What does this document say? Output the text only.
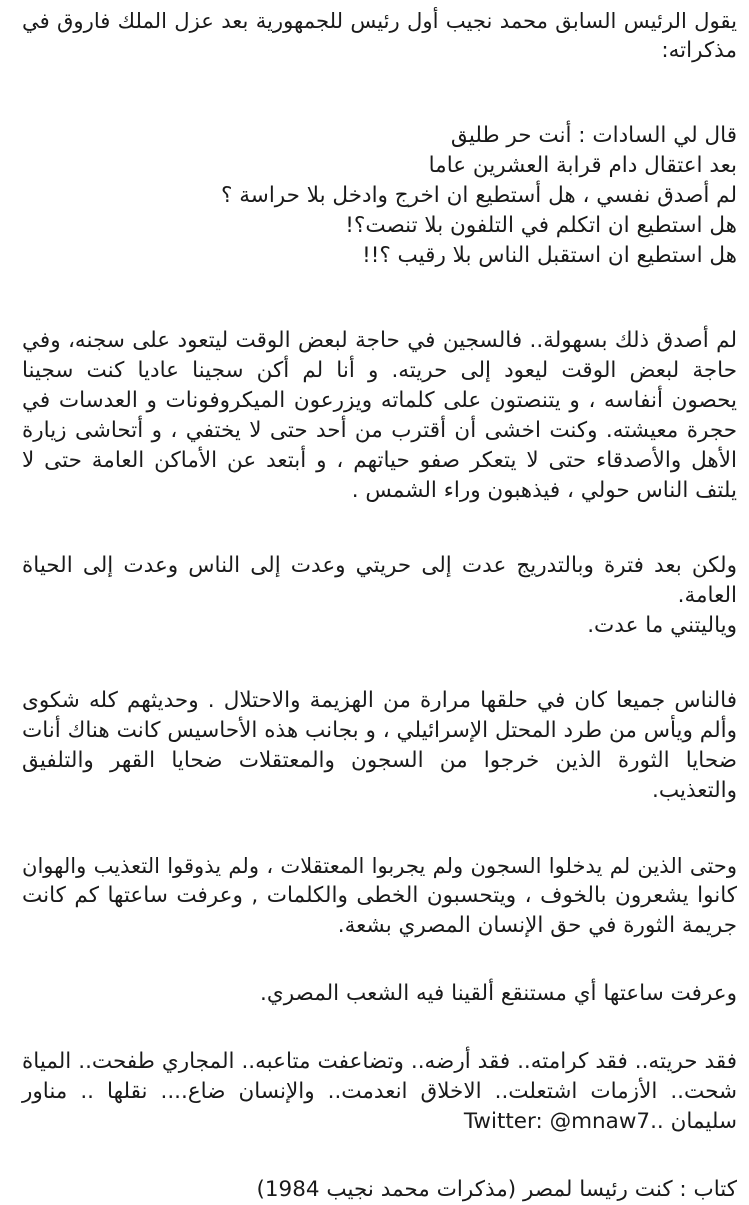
يقول الرئيس السابق محمد نجيب أول رئيس للجمهورية بعد عزل الملك فاروق في
مذكراته:
قال لي السادات : أنت حر طليق
بعد اعتقال دام قرابة العشرين عاما
لم أصدق نفسي ، هل أستطيع ان اخرج وادخل بلا حراسة ؟
هل استطيع ان اتكلم في التلفون بلا تنصت؟!
هل استطيع ان استقبل الناس بلا رقيب ؟!!
لم أصدق ذلك بسهولة.. فالسجين في حاجة لبعض الوقت ليتعود على سجنه، وفي
حاجة لبعض الوقت ليعود إلى حريته. و أنا لم أكن سجينا عاديا كنت سجينا
يحصون أنفاسه ، و يتنصتون على كلماته ويزرعون الميكروفونات و العدسات في
حجرة معيشته. وكنت اخشى أن أقترب من أحد حتى لا يختفي ، و أتحاشى زيارة
الأهل والأصدقاء حتى لا يتعكر صفو حياتهم ، و أبتعد عن الأماكن العامة حتى لا
يلتف الناس حولي ، فيذهبون وراء الشمس .
ولكن بعد فترة وبالتدريج عدت إلى حريتي وعدت إلى الناس وعدت إلى الحياة
العامة.
وياليتني ما عدت.
فالناس جميعا كان في حلقها مرارة من الهزيمة والاحتلال . وحديثهم كله شكوى
وألم ويأس من طرد المحتل الإسرائيلي ، و بجانب هذه الأحاسيس كانت هناك أنات
ضحايا الثورة الذين خرجوا من السجون والمعتقلات ضحايا القهر والتلفيق
والتعذيب.
وحتى الذين لم يدخلوا السجون ولم يجربوا المعتقلات ، ولم يذوقوا التعذيب والهوان
كانوا يشعرون بالخوف ، ويتحسبون الخطى والكلمات , وعرفت ساعتها كم كانت
جريمة الثورة في حق الإنسان المصري بشعة.
وعرفت ساعتها أي مستنقع ألقينا فيه الشعب المصري.
فقد حريته.. فقد كرامته.. فقد أرضه.. وتضاعفت متاعبه.. المجاري طفحت.. المياة
شحت.. الأزمات اشتعلت.. الاخلاق انعدمت.. والإنسان ضاع.... نقلها .. مناور
سليمان ..Twitter: @mnaw7
كتاب : كنت رئيسا لمصر (مذكرات محمد نجيب 1984)
